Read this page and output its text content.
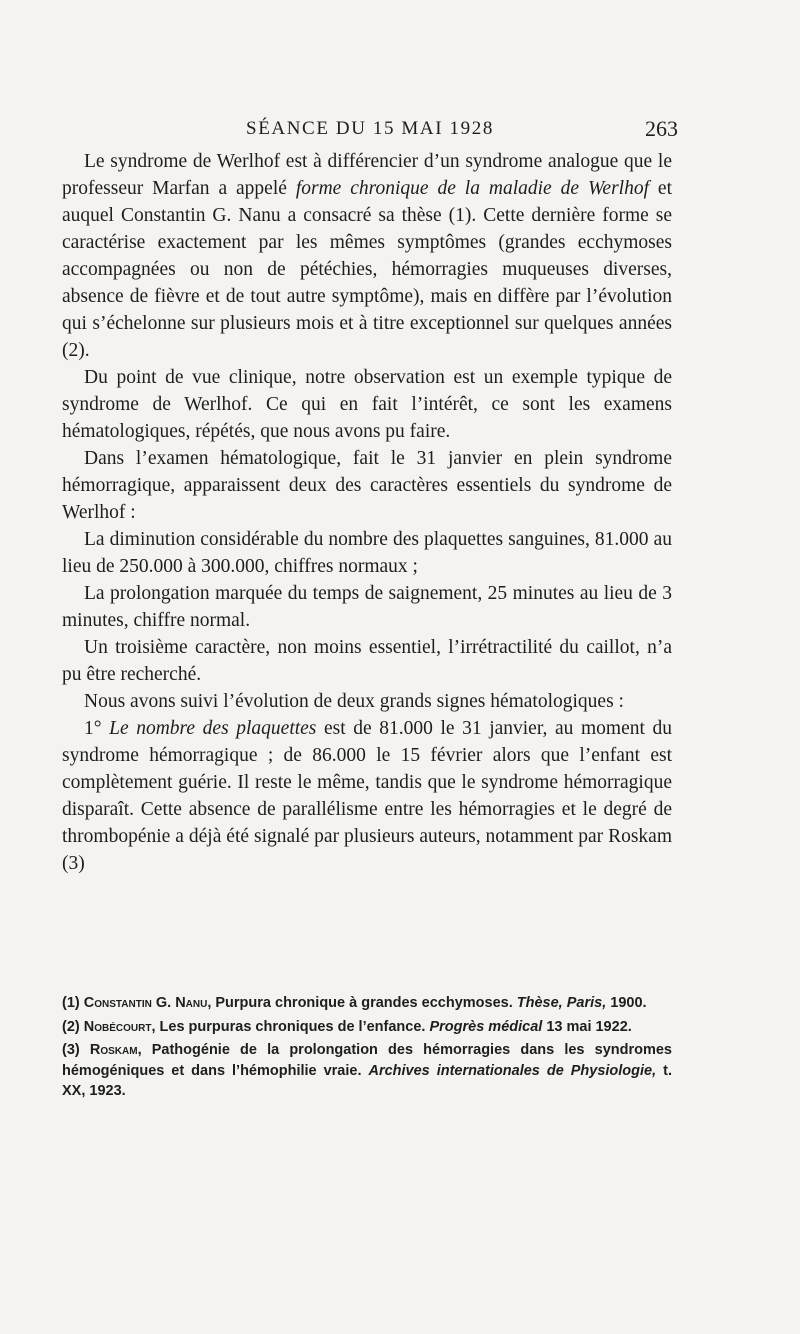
SÉANCE DU 15 MAI 1928	263

Le syndrome de Werlhof est à différencier d’un syndrome analogue que le professeur Marfan a appelé forme chronique de la maladie de Werlhof et auquel Constantin G. Nanu a consacré sa thèse (1). Cette dernière forme se caractérise exactement par les mêmes symptômes (grandes ecchymoses accompagnées ou non de pétéchies, hémorragies muqueuses diverses, absence de fièvre et de tout autre symptôme), mais en diffère par l’évolution qui s’échelonne sur plusieurs mois et à titre exceptionnel sur quelques années (2).

Du point de vue clinique, notre observation est un exemple typique de syndrome de Werlhof. Ce qui en fait l’intérêt, ce sont les examens hématologiques, répétés, que nous avons pu faire.

Dans l’examen hématologique, fait le 31 janvier en plein syndrome hémorragique, apparaissent deux des caractères essentiels du syndrome de Werlhof :

La diminution considérable du nombre des plaquettes sanguines, 81.000 au lieu de 250.000 à 300.000, chiffres normaux ;

La prolongation marquée du temps de saignement, 25 minutes au lieu de 3 minutes, chiffre normal.

Un troisième caractère, non moins essentiel, l’irrétractilité du caillot, n’a pu être recherché.

Nous avons suivi l’évolution de deux grands signes hématologiques :

1° Le nombre des plaquettes est de 81.000 le 31 janvier, au moment du syndrome hémorragique ; de 86.000 le 15 février alors que l’enfant est complètement guérie. Il reste le même, tandis que le syndrome hémorragique disparaît. Cette absence de parallélisme entre les hémorragies et le degré de thrombopénie a déjà été signalé par plusieurs auteurs, notamment par Roskam (3)

(1) Constantin G. Nanu, Purpura chronique à grandes ecchymoses. Thèse, Paris, 1900.

(2) Nobécourt, Les purpuras chroniques de l’enfance. Progrès médical 13 mai 1922.

(3) Roskam, Pathogénie de la prolongation des hémorragies dans les syndromes hémogéniques et dans l’hémophilie vraie. Archives internationales de Physiologie, t. XX, 1923.
